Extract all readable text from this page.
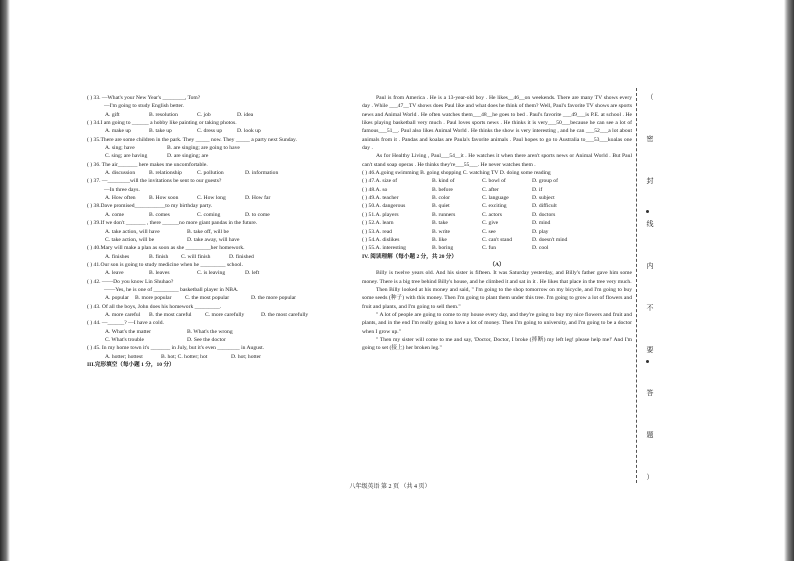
( ) 33. —What's your New Year's ________, Tom?
—I'm going to study English better.
A. gift	B. resolution	C. job	D. idea
( ) 34.I am going to ______ a hobby like painting or taking photos.
A. make up	B. take up	C. dress up	D. look up
( ) 35.There are some children in the park. They _____ now. They _____ a party next Sunday.
A. sing; have	B. are singing; are going to have
C. sing; are having	D. are singing; are
( ) 36. The air_______ here makes me uncomfortable.
A. discussion	B. relationship	C. pollution	D. information
( ) 37. —________will the invitations be sent to our guests?
—In three days.
A. How often	B. How soon	C. How long	D. How far
( ) 38.Dave promised___________to my birthday party.
A. come	B. comes	C. coming	D. to come
( ) 39.If we don't _______ , there ______no more giant pandas in the future.
A. take action, will have	B. take off, will be
C. take action, will be	D. take away, will have
( ) 40.Mary will make a plan as soon as she _________her homework.
A. finishes	B. finish	C. will finish	D. finished
( ) 41.Our son is going to study medicine when he _________ school.
A. leave	B. leaves	C. is leaving	D. left
( ) 42. ——Do you know Lin Shuhao?
——Yes, he is one of _________ basketball player in NBA.
A. popular	B. more popular	C. the most popular	D. the more popular
( ) 43. Of all the boys, John does his homework _________.
A. more careful	B. the most careful	C. more carefully	D. the most carefully
( ) 44. —______? —I have a cold.
A. What's the matter	B. What's the wrong
C. What's trouble	D. See the doctor
( ) 45. In my home town it's _______ in July, but it's even ________ in August.
A. hotter; hottest	B. hot; C. hotter; hot	D. hot; hotter
III.完形填空（每小题 1 分，10 分）
Paul is from America . He is a 13-year-old boy . He likes__46__on weekends. There are many TV shows every day . While ___47__TV shows does Paul like and what does he think of them? Well, Paul's favorite TV shows are sports news and Animal World . He often watches them___48__he goes to bed . Paul's favorite ___49___is P.E. at school . He likes playing basketball very much . Paul loves sports news . He thinks it is very___50___because he can see a lot of famous___51__. Paul also likes Animal World . He thinks the show is very interesting , and he can ___52___a lot about animals from it . Pandas and koalas are Paula's favorite animals . Paul hopes to go to Australia to___53___koalas one day .
As for Healthy Living , Paul___54__it . He watches it when there aren't sports news or Animal World . But Paul can't stand soap operas . He thinks they're___55___. He never watches them .
( ) 46.A.going swimming B. going shopping C. watching TV D. doing some reading
( ) 47.A. size of	B. kind of	C. bowl of	D. group of
( ) 48.A. so	B. before	C. after	D. if
( ) 49.A. teacher	B. color	C. language	D. subject
( ) 50.A. dangerous	B. quiet	C. exciting	D. difficult
( ) 51.A. players	B. runners	C. actors	D. doctors
( ) 52.A. learn	B. take	C. give	D. mind
( ) 53.A. read	B. write	C. see	D. play
( ) 54.A. dislikes	B. like	C. can't stand	D. doesn't mind
( ) 55.A. interesting	B. boring	C. fun	D. cool
IV. 阅读理解（每小题 2 分，共 20 分）
（A）
Billy is twelve years old. And his sister is fifteen. It was Saturday yesterday, and Billy's father gave him some money. There is a big tree behind Billy's house, and he climbed it and sat in it . He likes that place in the tree very much.
Then Billy looked at his money and said, " I'm going to the shop tomorrow on my bicycle, and I'm going to buy some seeds (种子) with this money. Then I'm going to plant them under this tree. I'm going to grow a lot of flowers and fruit and plants, and I'm going to sell them."
" A lot of people are going to come to my house every day, and they're going to buy my nice flowers and fruit and plants, and in the end I'm really going to have a lot of money. Then I'm going to university, and I'm going to be a doctor when I grow up."
" Then my sister will come to me and say, 'Doctor, Doctor, I broke (摔断) my left leg! please help me!' And I'm going to set (接上) her broken leg."
八年级英语 第 2 页 （共 4 页）
（
密
封
线
内
不
要
答
题
）
